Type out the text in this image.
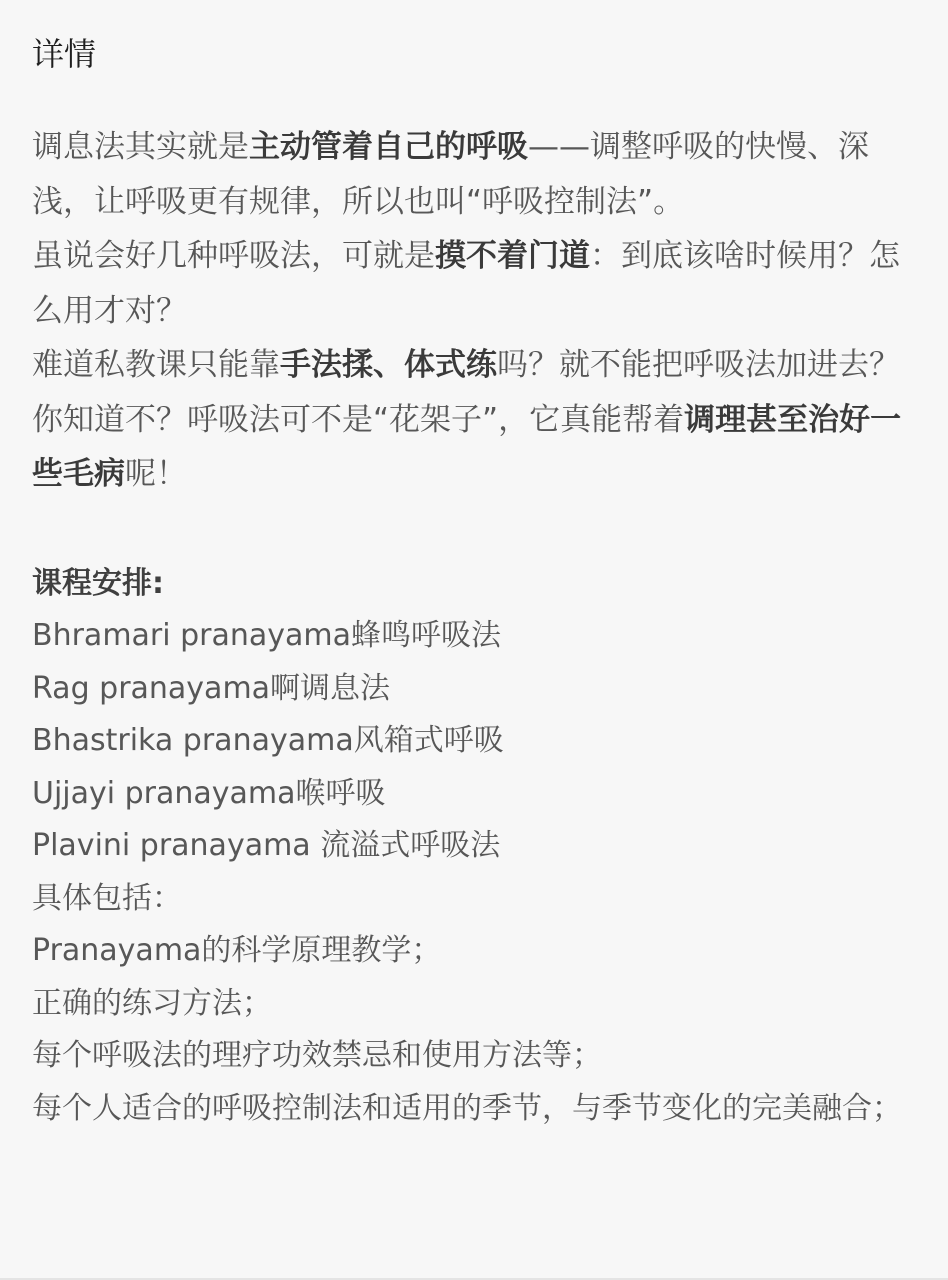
详情

调息法其实就是主动管着自己的呼吸——调整呼吸的快慢、深浅，让呼吸更有规律，所以也叫“呼吸控制法”。

虽说会好几种呼吸法，可就是摸不着门道：到底该啥时候用？怎么用才对？

难道私教课只能靠手法揉、体式练吗？就不能把呼吸法加进去？

你知道不？呼吸法可不是“花架子”，它真能帮着调理甚至治好一些毛病呢！

课程安排:

Bhramari pranayama蜂鸣呼吸法

Rag pranayama啊调息法

Bhastrika pranayama风箱式呼吸

Ujjayi pranayama喉呼吸

Plavini pranayama 流溢式呼吸法

具体包括：

Pranayama的科学原理教学；

正确的练习方法；

每个呼吸法的理疗功效禁忌和使用方法等；

每个人适合的呼吸控制法和适用的季节，与季节变化的完美融合；
